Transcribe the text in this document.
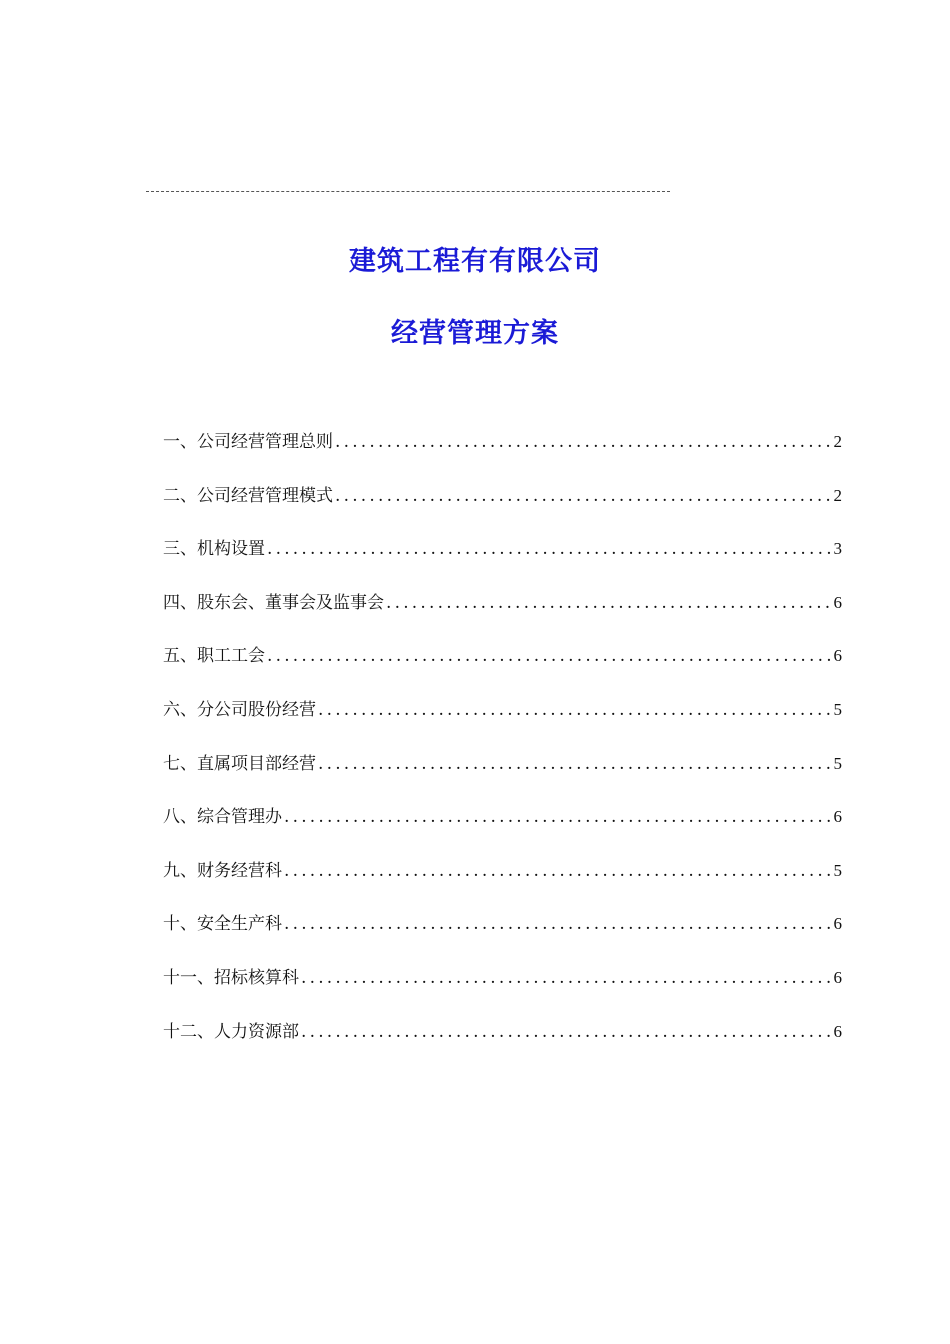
建筑工程有有限公司
经营管理方案
一、公司经营管理总则 .....	2
二、公司经营管理模式 .....	2
三、机构设置 .....	3
四、股东会、董事会及监事会 .....	6
五、职工工会 .....	6
六、分公司股份经营 .....	5
七、直属项目部经营 .....	5
八、综合管理办 .....	6
九、财务经营科 .....	5
十、安全生产科 .....	6
十一、招标核算科 .....	6
十二、人力资源部 .....	6
